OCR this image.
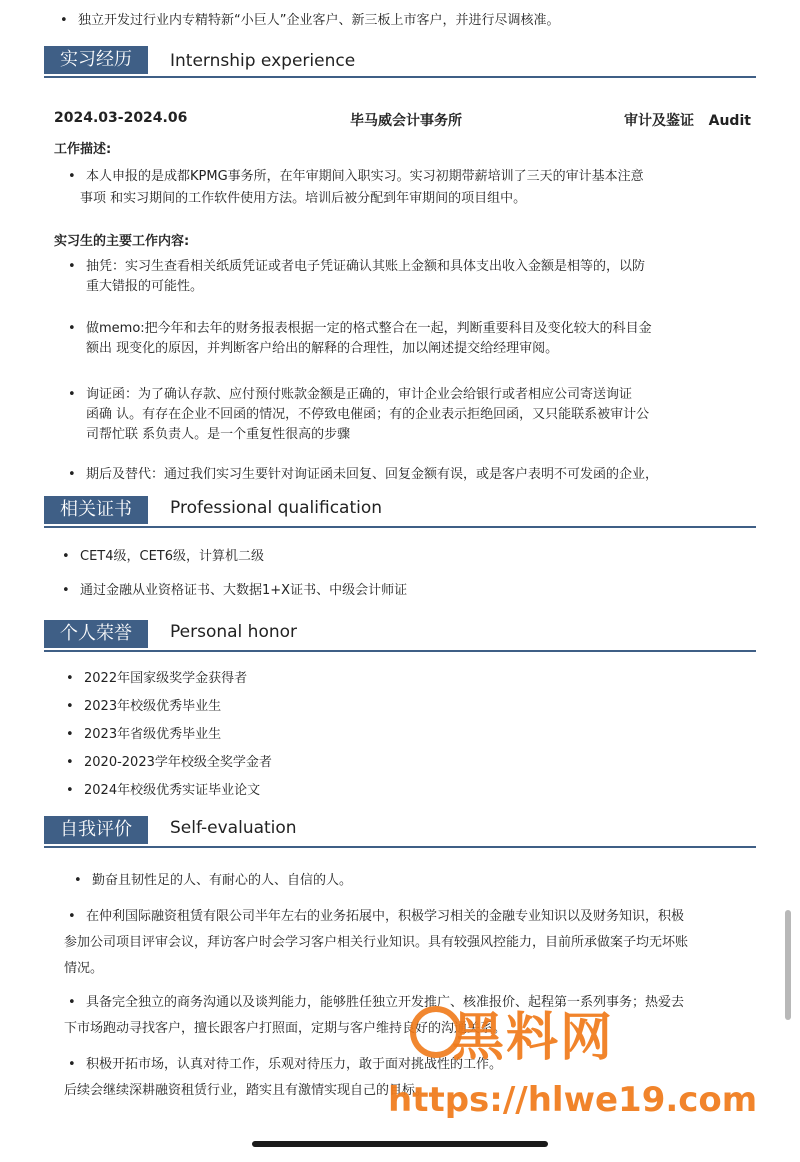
• 独立开发过行业内专精特新“小巨人”企业客户、新三板上市客户，并进行尽调核准。
实习经历	Internship experience
2024.03-2024.06	毕马威会计事务所	审计及鉴证   Audit
工作描述:
• 本人申报的是成都KPMG事务所，在年审期间入职实习。实习初期带薪培训了三天的审计基本注意
事项 和实习期间的工作软件使用方法。培训后被分配到年审期间的项目组中。
实习生的主要工作内容:
• 抽凭：实习生查看相关纸质凭证或者电子凭证确认其账上金额和具体支出收入金额是相等的，以防
重大错报的可能性。
• 做memo:把今年和去年的财务报表根据一定的格式整合在一起，判断重要科目及变化较大的科目金
额出 现变化的原因，并判断客户给出的解释的合理性，加以阐述提交给经理审阅。
• 询证函：为了确认存款、应付预付账款金额是正确的，审计企业会给银行或者相应公司寄送询证
函确 认。有存在企业不回函的情况，不停致电催函；有的企业表示拒绝回函，又只能联系被审计公
司帮忙联 系负责人。是一个重复性很高的步骤
• 期后及替代：通过我们实习生要针对询证函未回复、回复金额有误，或是客户表明不可发函的企业，
相关证书	Professional qualification
• CET4级，CET6级，计算机二级
• 通过金融从业资格证书、大数据1+X证书、中级会计师证
个人荣誉	Personal honor
• 2022年国家级奖学金获得者
• 2023年校级优秀毕业生
• 2023年省级优秀毕业生
• 2020-2023学年校级全奖学金者
• 2024年校级优秀实证毕业论文
自我评价	Self-evaluation
• 勤奋且韧性足的人、有耐心的人、自信的人。
• 在仲利国际融资租赁有限公司半年左右的业务拓展中，积极学习相关的金融专业知识以及财务知识，积极
参加公司项目评审会议，拜访客户时会学习客户相关行业知识。具有较强风控能力，目前所承做案子均无坏账
情况。
• 具备完全独立的商务沟通以及谈判能力，能够胜任独立开发推广、核准报价、起程第一系列事务；热爱去
下市场跑动寻找客户，擅长跟客户打照面，定期与客户维持良好的沟通关系。
• 积极开拓市场，认真对待工作，乐观对待压力，敢于面对挑战性的工作。
后续会继续深耕融资租赁行业，踏实且有激情实现自己的目标。
黑料网
https://hlwe19.com
